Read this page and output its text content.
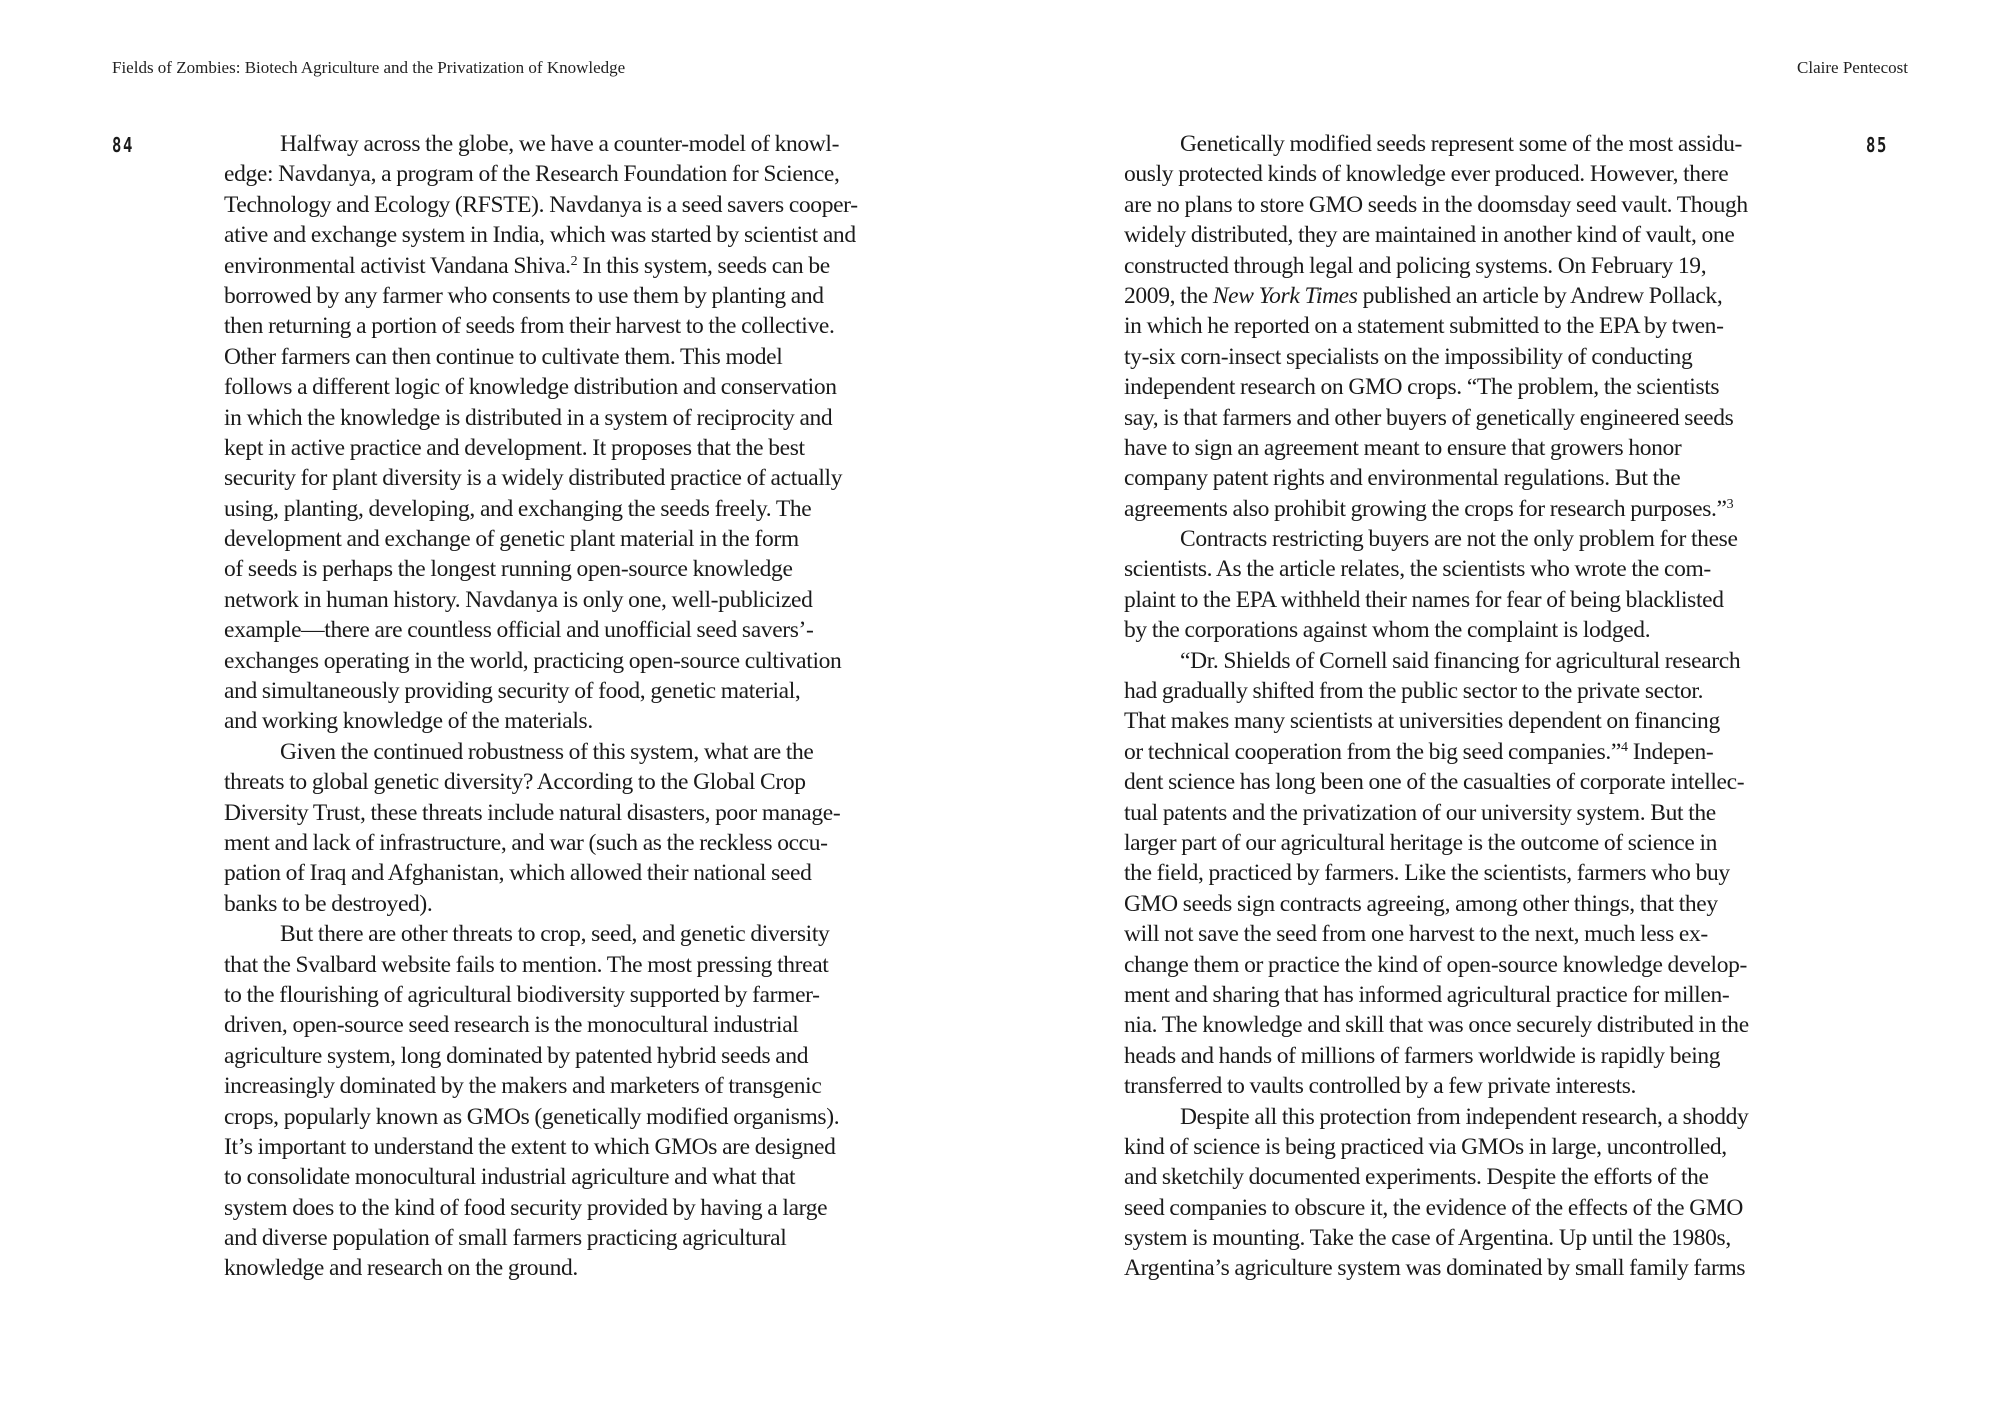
Fields of Zombies: Biotech Agriculture and the Privatization of Knowledge	Claire Pentecost
84	85
Halfway across the globe, we have a counter-model of knowl-
edge: Navdanya, a program of the Research Foundation for Science,
Technology and Ecology (RFSTE). Navdanya is a seed savers cooper-
ative and exchange system in India, which was started by scientist and
environmental activist Vandana Shiva.$^2$ In this system, seeds can be
borrowed by any farmer who consents to use them by planting and
then returning a portion of seeds from their harvest to the collective.
Other farmers can then continue to cultivate them. This model
follows a different logic of knowledge distribution and conservation
in which the knowledge is distributed in a system of reciprocity and
kept in active practice and development. It proposes that the best
security for plant diversity is a widely distributed practice of actually
using, planting, developing, and exchanging the seeds freely. The
development and exchange of genetic plant material in the form
of seeds is perhaps the longest running open-source knowledge
network in human history. Navdanya is only one, well-publicized
example—there are countless official and unofficial seed savers’-
exchanges operating in the world, practicing open-source cultivation
and simultaneously providing security of food, genetic material,
and working knowledge of the materials.
Given the continued robustness of this system, what are the
threats to global genetic diversity? According to the Global Crop
Diversity Trust, these threats include natural disasters, poor manage-
ment and lack of infrastructure, and war (such as the reckless occu-
pation of Iraq and Afghanistan, which allowed their national seed
banks to be destroyed).
But there are other threats to crop, seed, and genetic diversity
that the Svalbard website fails to mention. The most pressing threat
to the flourishing of agricultural biodiversity supported by farmer-
driven, open-source seed research is the monocultural industrial
agriculture system, long dominated by patented hybrid seeds and
increasingly dominated by the makers and marketers of transgenic
crops, popularly known as GMOs (genetically modified organisms).
It’s important to understand the extent to which GMOs are designed
to consolidate monocultural industrial agriculture and what that
system does to the kind of food security provided by having a large
and diverse population of small farmers practicing agricultural
knowledge and research on the ground.
Genetically modified seeds represent some of the most assidu-
ously protected kinds of knowledge ever produced. However, there
are no plans to store GMO seeds in the doomsday seed vault. Though
widely distributed, they are maintained in another kind of vault, one
constructed through legal and policing systems. On February 19,
2009, the New York Times published an article by Andrew Pollack,
in which he reported on a statement submitted to the EPA by twen-
ty-six corn-insect specialists on the impossibility of conducting
independent research on GMO crops. “The problem, the scientists
say, is that farmers and other buyers of genetically engineered seeds
have to sign an agreement meant to ensure that growers honor
company patent rights and environmental regulations. But the
agreements also prohibit growing the crops for research purposes.”$^3$
Contracts restricting buyers are not the only problem for these
scientists. As the article relates, the scientists who wrote the com-
plaint to the EPA withheld their names for fear of being blacklisted
by the corporations against whom the complaint is lodged.
“Dr. Shields of Cornell said financing for agricultural research
had gradually shifted from the public sector to the private sector.
That makes many scientists at universities dependent on financing
or technical cooperation from the big seed companies.”$^4$ Indepen-
dent science has long been one of the casualties of corporate intellec-
tual patents and the privatization of our university system. But the
larger part of our agricultural heritage is the outcome of science in
the field, practiced by farmers. Like the scientists, farmers who buy
GMO seeds sign contracts agreeing, among other things, that they
will not save the seed from one harvest to the next, much less ex-
change them or practice the kind of open-source knowledge develop-
ment and sharing that has informed agricultural practice for millen-
nia. The knowledge and skill that was once securely distributed in the
heads and hands of millions of farmers worldwide is rapidly being
transferred to vaults controlled by a few private interests.
Despite all this protection from independent research, a shoddy
kind of science is being practiced via GMOs in large, uncontrolled,
and sketchily documented experiments. Despite the efforts of the
seed companies to obscure it, the evidence of the effects of the GMO
system is mounting. Take the case of Argentina. Up until the 1980s,
Argentina’s agriculture system was dominated by small family farms
